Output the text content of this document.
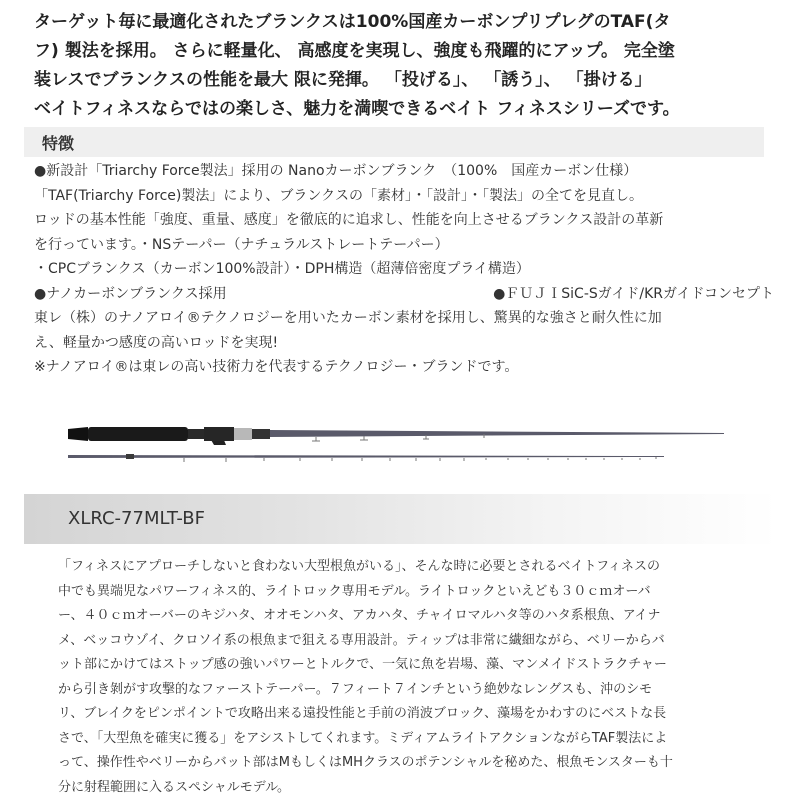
ターゲット毎に最適化されたブランクスは100%国産カーボンプリプレグのTAF(タ
フ) 製法を採用。 さらに軽量化、 高感度を実現し、強度も飛躍的にアップ。 完全塗
装レスでブランクスの性能を最大 限に発揮。 「投げる」、 「誘う」、 「掛ける」
ベイトフィネスならではの楽しさ、魅力を満喫できるベイト フィネスシリーズです。
特徴
●新設計「Triarchy Force製法」採用の Nanoカーボンブランク　（100%　国産カーボン仕様）
「TAF(Triarchy Force)製法」により、ブランクスの「素材」・「設計」・「製法」の全てを見直し。
ロッドの基本性能「強度、重量、感度」を徹底的に追求し、性能を向上させるブランクス設計の革新
を行っています。・NSテーパー（ナチュラルストレートテーパー）
・CPCブランクス（カーボン100%設計）・DPH構造（超薄倍密度プライ構造）
●ナノカーボンブランクス採用	●ＦＵＪＩSiC-Sガイド/KRガイドコンセプト
東レ（株）のナノアロイ®テクノロジーを用いたカーボン素材を採用し、驚異的な強さと耐久性に加
え、軽量かつ感度の高いロッドを実現!
※ナノアロイ®は東レの高い技術力を代表するテクノロジー・ブランドです。
XLRC-77MLT-BF
「フィネスにアプローチしないと食わない大型根魚がいる」、そんな時に必要とされるベイトフィネスの
中でも異端児なパワーフィネス的、ライトロック専用モデル。ライトロックといえども３０ｃｍオーバ
ー、４０ｃｍオーバーのキジハタ、オオモンハタ、アカハタ、チャイロマルハタ等のハタ系根魚、アイナ
メ、ベッコウゾイ、クロソイ系の根魚まで狙える専用設計。ティップは非常に繊細ながら、ベリーからバ
ット部にかけてはストップ感の強いパワーとトルクで、一気に魚を岩場、藻、マンメイドストラクチャー
から引き剝がす攻撃的なファーストテーパー。７フィート７インチという絶妙なレングスも、沖のシモ
リ、ブレイクをピンポイントで攻略出来る遠投性能と手前の消波ブロック、藻場をかわすのにベストな長
さで、「大型魚を確実に獲る」をアシストしてくれます。ミディアムライトアクションながらTAF製法によ
って、操作性やベリーからバット部はMもしくはMHクラスのポテンシャルを秘めた、根魚モンスターも十
分に射程範囲に入るスペシャルモデル。
